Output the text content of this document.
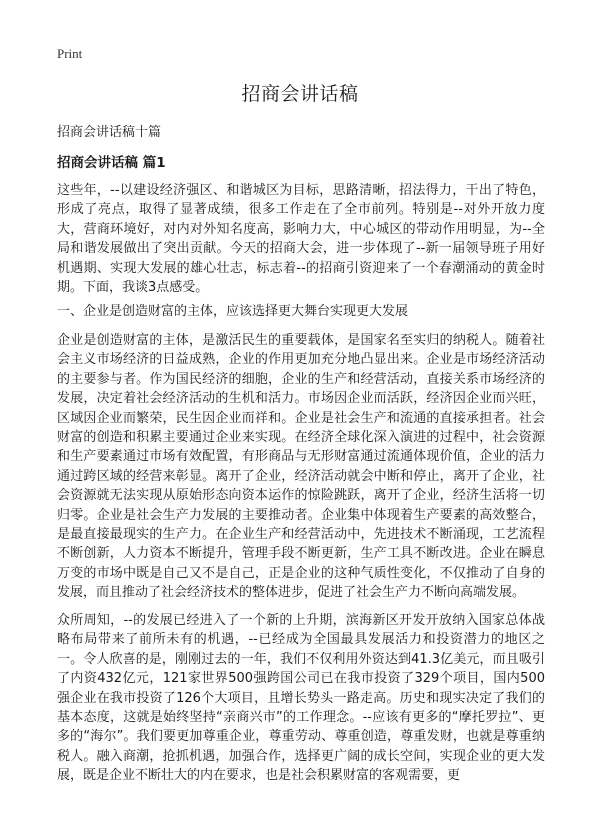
Print
招商会讲话稿

招商会讲话稿十篇

招商会讲话稿 篇1

这些年，--以建设经济强区、和谐城区为目标，思路清晰，招法得力，干出了特色，形成了亮点，取得了显著成绩，很多工作走在了全市前列。特别是--对外开放力度大，营商环境好，对内对外知名度高，影响力大，中心城区的带动作用明显，为--全局和谐发展做出了突出贡献。今天的招商大会，进一步体现了--新一届领导班子用好机遇期、实现大发展的雄心壮志，标志着--的招商引资迎来了一个春潮涌动的黄金时期。下面，我谈3点感受。

一、企业是创造财富的主体，应该选择更大舞台实现更大发展

企业是创造财富的主体，是激活民生的重要载体，是国家名至实归的纳税人。随着社会主义市场经济的日益成熟，企业的作用更加充分地凸显出来。企业是市场经济活动的主要参与者。作为国民经济的细胞，企业的生产和经营活动，直接关系市场经济的发展，决定着社会经济活动的生机和活力。市场因企业而活跃，经济因企业而兴旺，区域因企业而繁荣，民生因企业而祥和。企业是社会生产和流通的直接承担者。社会财富的创造和积累主要通过企业来实现。在经济全球化深入演进的过程中，社会资源和生产要素通过市场有效配置，有形商品与无形财富通过流通体现价值，企业的活力通过跨区域的经营来彰显。离开了企业，经济活动就会中断和停止，离开了企业，社会资源就无法实现从原始形态向资本运作的惊险跳跃，离开了企业，经济生活将一切归零。企业是社会生产力发展的主要推动者。企业集中体现着生产要素的高效整合，是最直接最现实的生产力。在企业生产和经营活动中，先进技术不断涌现，工艺流程不断创新，人力资本不断提升，管理手段不断更新，生产工具不断改进。企业在瞬息万变的市场中既是自己又不是自己，正是企业的这种气质性变化，不仅推动了自身的发展，而且推动了社会经济技术的整体进步，促进了社会生产力不断向高端发展。

众所周知，--的发展已经进入了一个新的上升期，滨海新区开发开放纳入国家总体战略布局带来了前所未有的机遇，--已经成为全国最具发展活力和投资潜力的地区之一。令人欣喜的是，刚刚过去的一年，我们不仅利用外资达到41.3亿美元，而且吸引了内资432亿元，121家世界500强跨国公司已在我市投资了329个项目，国内500强企业在我市投资了126个大项目，且增长势头一路走高。历史和现实决定了我们的基本态度，这就是始终坚持“亲商兴市”的工作理念。--应该有更多的“摩托罗拉”、更多的“海尔”。我们要更加尊重企业，尊重劳动、尊重创造，尊重发财，也就是尊重纳税人。融入商潮，抢抓机遇，加强合作，选择更广阔的成长空间，实现企业的更大发展，既是企业不断壮大的内在要求，也是社会积累财富的客观需要，更
